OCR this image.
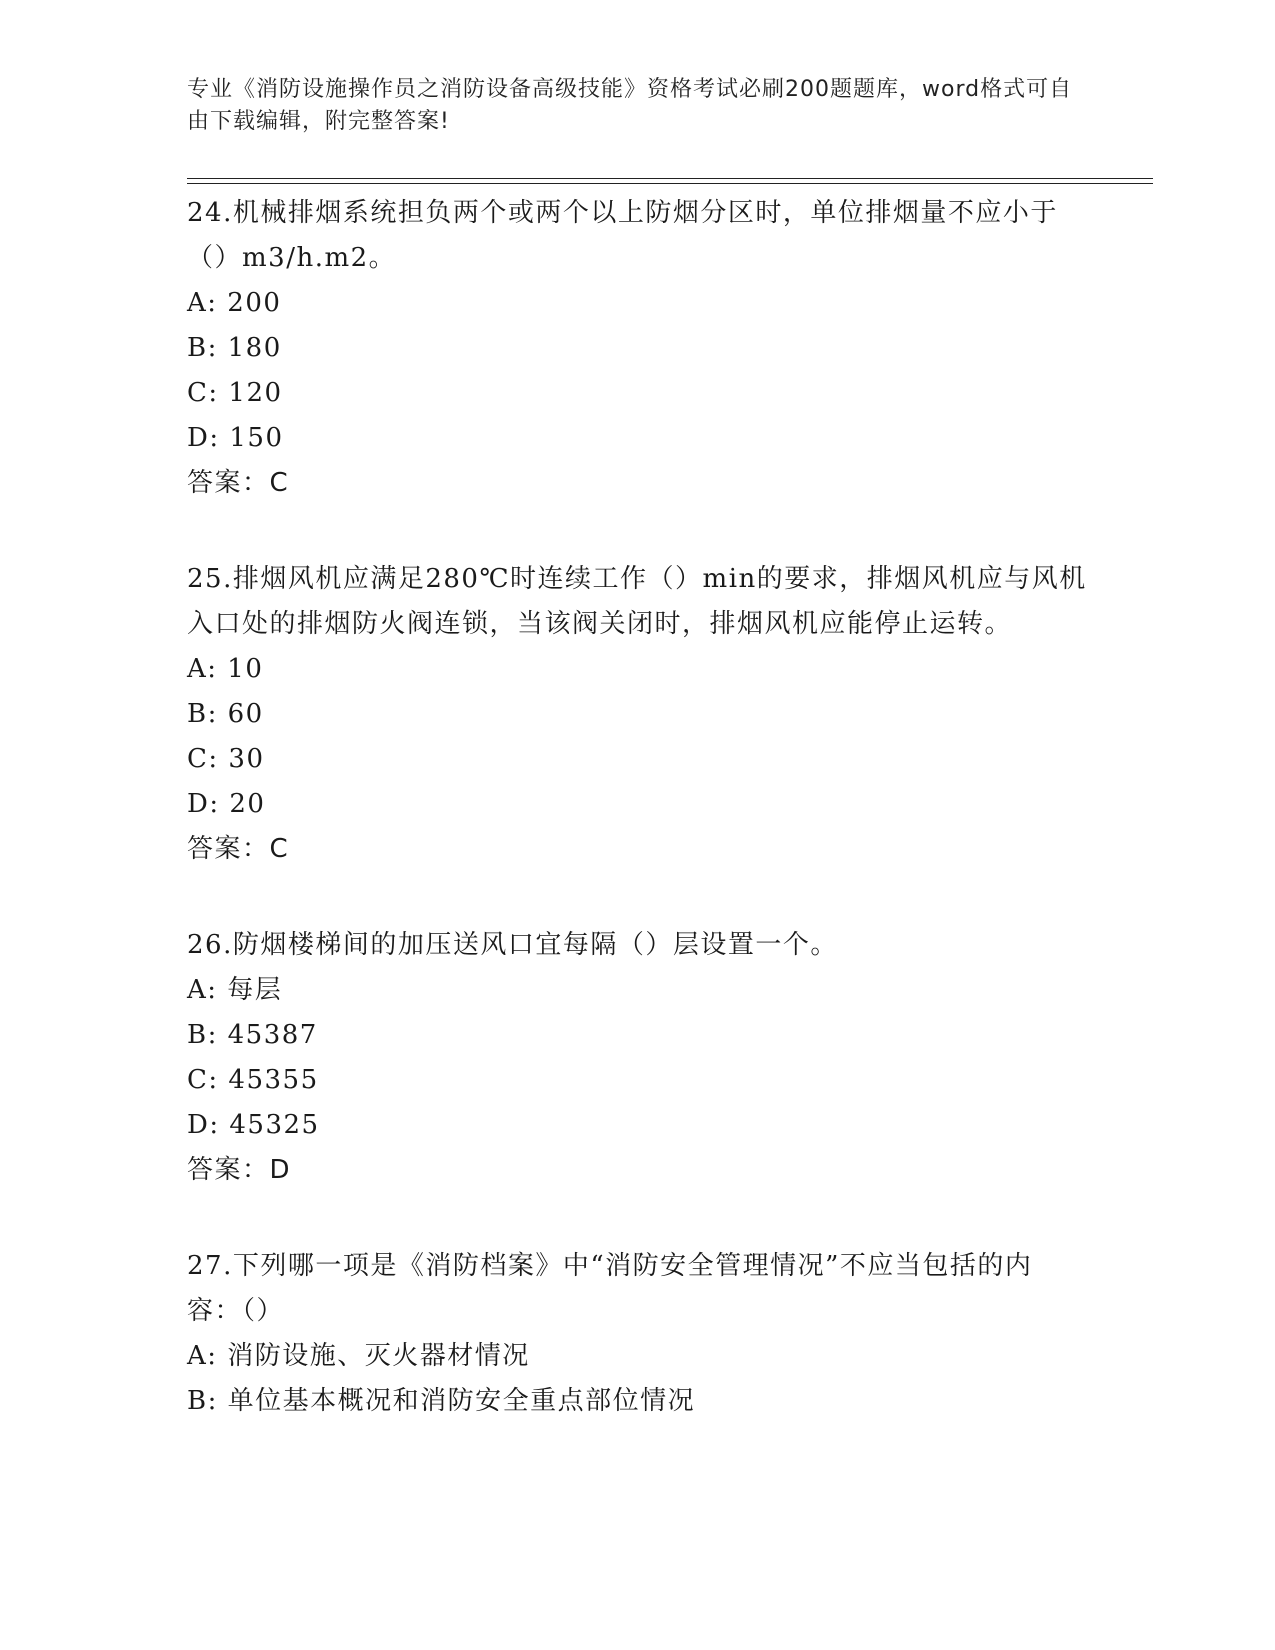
专业《消防设施操作员之消防设备高级技能》资格考试必刷200题题库，word格式可自由下载编辑，附完整答案!

24.机械排烟系统担负两个或两个以上防烟分区时，单位排烟量不应小于（）m3/h.m2。

A: 200

B: 180

C: 120

D: 150

答案：C

25.排烟风机应满足280℃时连续工作（）min的要求，排烟风机应与风机入口处的排烟防火阀连锁，当该阀关闭时，排烟风机应能停止运转。

A: 10

B: 60

C: 30

D: 20

答案：C

26.防烟楼梯间的加压送风口宜每隔（）层设置一个。

A: 每层

B: 45387

C: 45355

D: 45325

答案：D

27.下列哪一项是《消防档案》中“消防安全管理情况”不应当包括的内容：（）

A: 消防设施、灭火器材情况

B: 单位基本概况和消防安全重点部位情况
